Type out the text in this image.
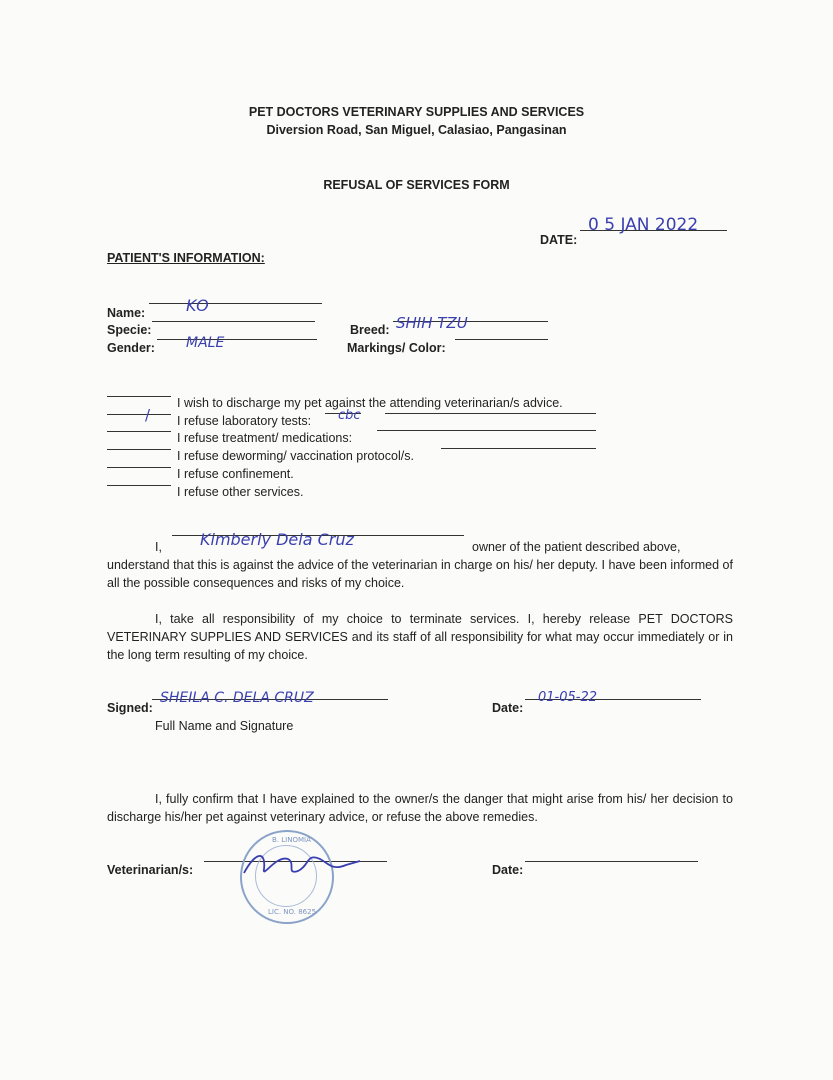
PET DOCTORS VETERINARY SUPPLIES AND SERVICES
Diversion Road, San Miguel, Calasiao, Pangasinan
REFUSAL OF SERVICES FORM
DATE:
0 5 JAN 2022
PATIENT'S INFORMATION:
Name:	KO
Specie:
Gender: MALE
Breed: SHIH TZU
Markings/ Color:
I wish to discharge my pet against the attending veterinarian/s advice.
/ I refuse laboratory tests: cbc
I refuse treatment/ medications:
I refuse deworming/ vaccination protocol/s.
I refuse confinement.
I refuse other services.
I, Kimberly Dela Cruz	owner of the patient described above,
understand that this is against the advice of the veterinarian in charge on his/ her deputy. I have been informed of all the possible consequences and risks of my choice.
I, take all responsibility of my choice to terminate services. I, hereby release PET DOCTORS VETERINARY SUPPLIES AND SERVICES and its staff of all responsibility for what may occur immediately or in the long term resulting of my choice.
Signed:
SHEILA C. DELA CRUZ
Full Name and Signature
Date:
01-05-22
I, fully confirm that I have explained to the owner/s the danger that might arise from his/ her decision to discharge his/her pet against veterinary advice, or refuse the above remedies.
Veterinarian/s:
B. LINOMIA
LIC. NO. 8625
Date:
